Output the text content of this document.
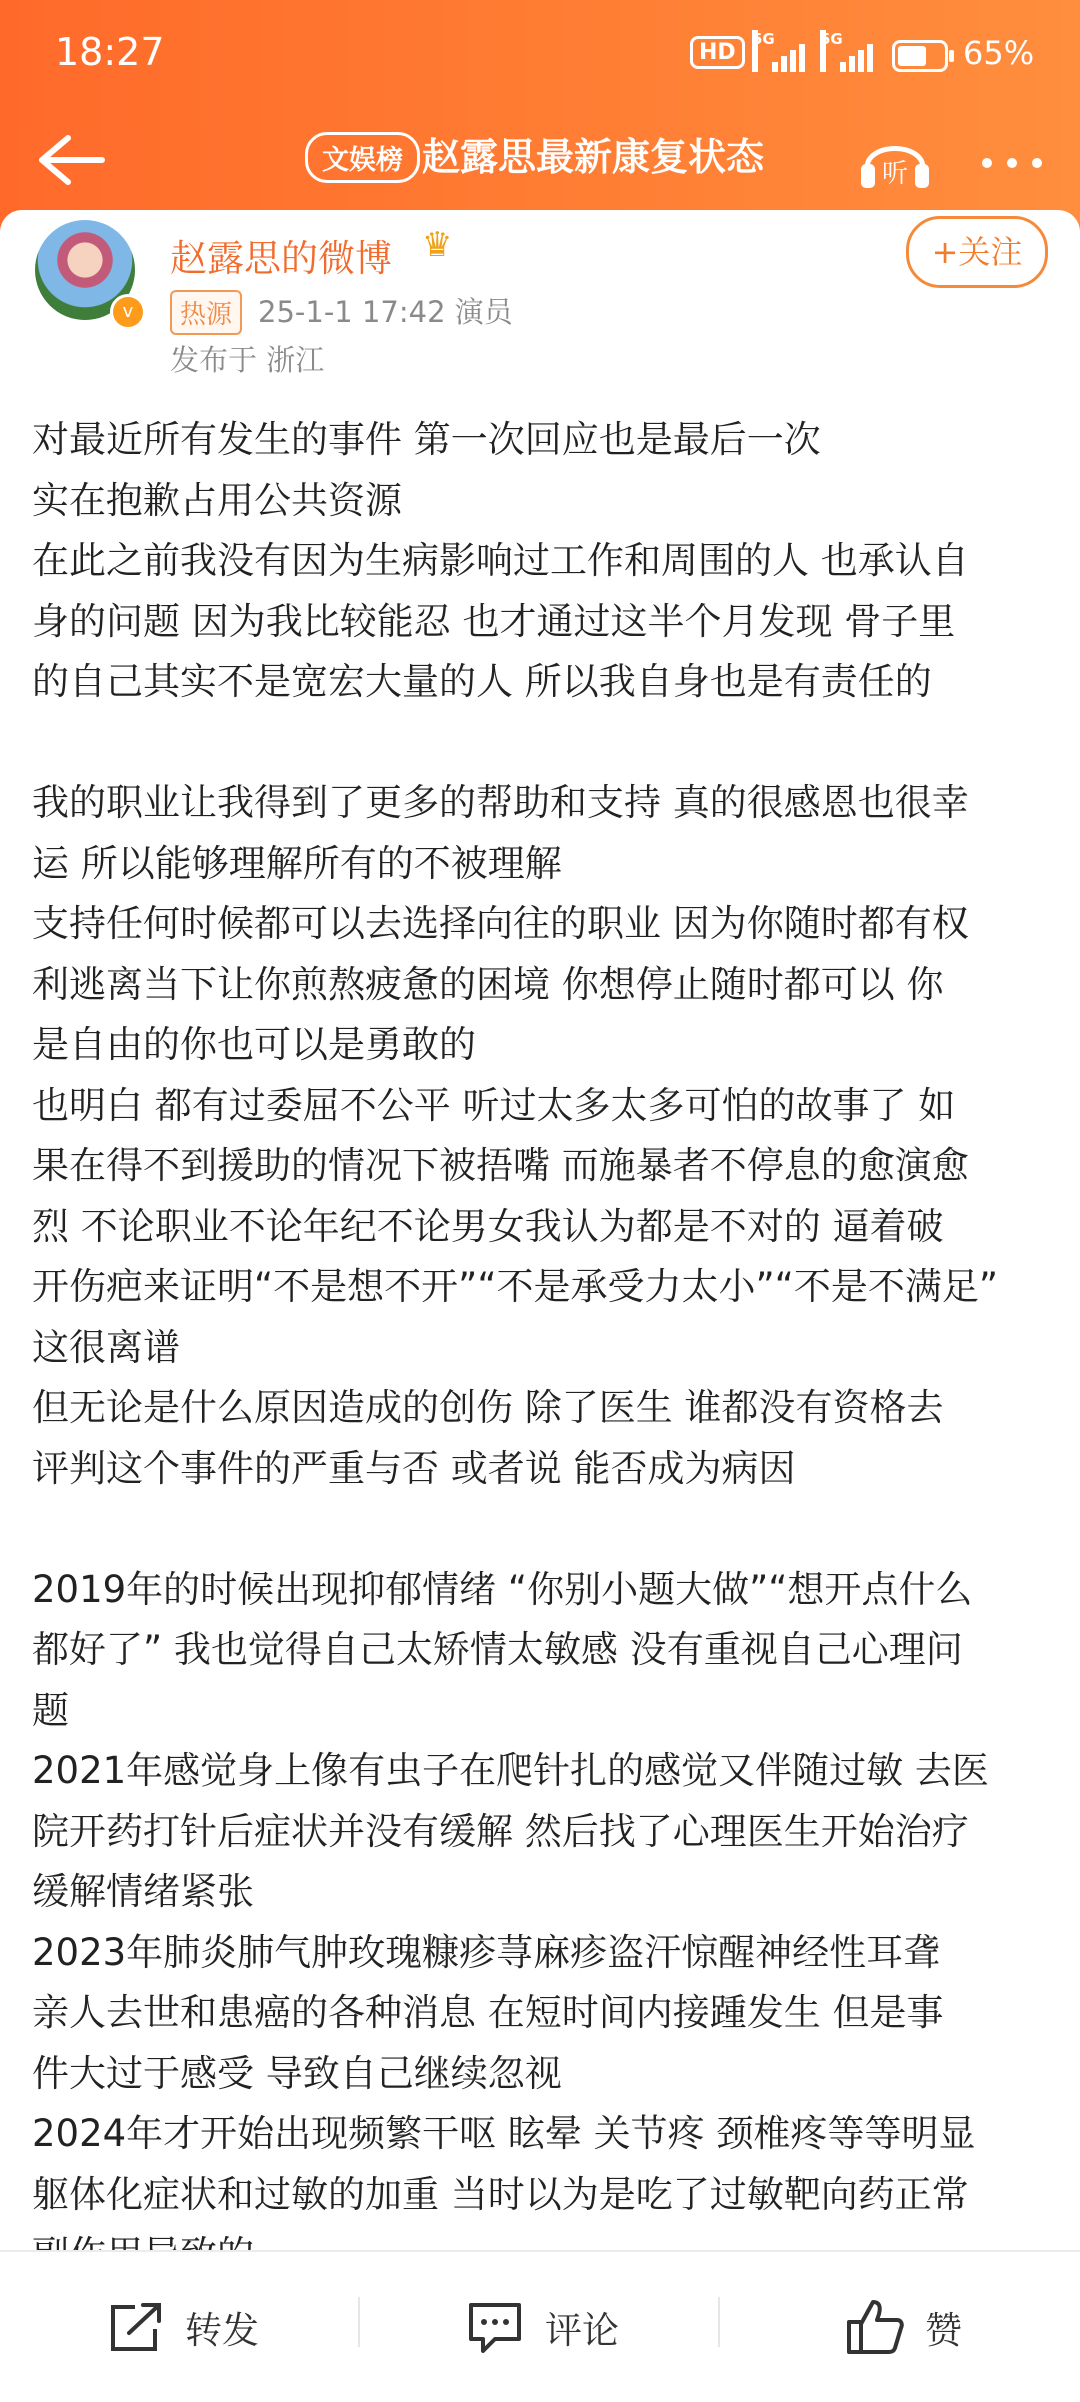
18:27	HD
5G	5G	65%
文娱榜 赵露思最新康复状态	听
v
赵露思的微博 ♛	+关注
热源 25-1-1 17:42 演员
发布于 浙江
对最近所有发生的事件 第一次回应也是最后一次
实在抱歉占用公共资源
在此之前我没有因为生病影响过工作和周围的人 也承认自
身的问题 因为我比较能忍 也才通过这半个月发现 骨子里
的自己其实不是宽宏大量的人 所以我自身也是有责任的
我的职业让我得到了更多的帮助和支持 真的很感恩也很幸
运 所以能够理解所有的不被理解
支持任何时候都可以去选择向往的职业 因为你随时都有权
利逃离当下让你煎熬疲惫的困境 你想停止随时都可以 你
是自由的你也可以是勇敢的
也明白 都有过委屈不公平 听过太多太多可怕的故事了 如
果在得不到援助的情况下被捂嘴 而施暴者不停息的愈演愈
烈 不论职业不论年纪不论男女我认为都是不对的 逼着破
开伤疤来证明“不是想不开”“不是承受力太小”“不是不满足”
这很离谱
但无论是什么原因造成的创伤 除了医生 谁都没有资格去
评判这个事件的严重与否 或者说 能否成为病因
2019年的时候出现抑郁情绪 “你别小题大做”“想开点什么
都好了” 我也觉得自己太矫情太敏感 没有重视自己心理问
题
2021年感觉身上像有虫子在爬针扎的感觉又伴随过敏 去医
院开药打针后症状并没有缓解 然后找了心理医生开始治疗
缓解情绪紧张
2023年肺炎肺气肿玫瑰糠疹荨麻疹盗汗惊醒神经性耳聋
亲人去世和患癌的各种消息 在短时间内接踵发生 但是事
件大过于感受 导致自己继续忽视
2024年才开始出现频繁干呕 眩晕 关节疼 颈椎疼等等明显
躯体化症状和过敏的加重 当时以为是吃了过敏靶向药正常
转发	评论	赞
